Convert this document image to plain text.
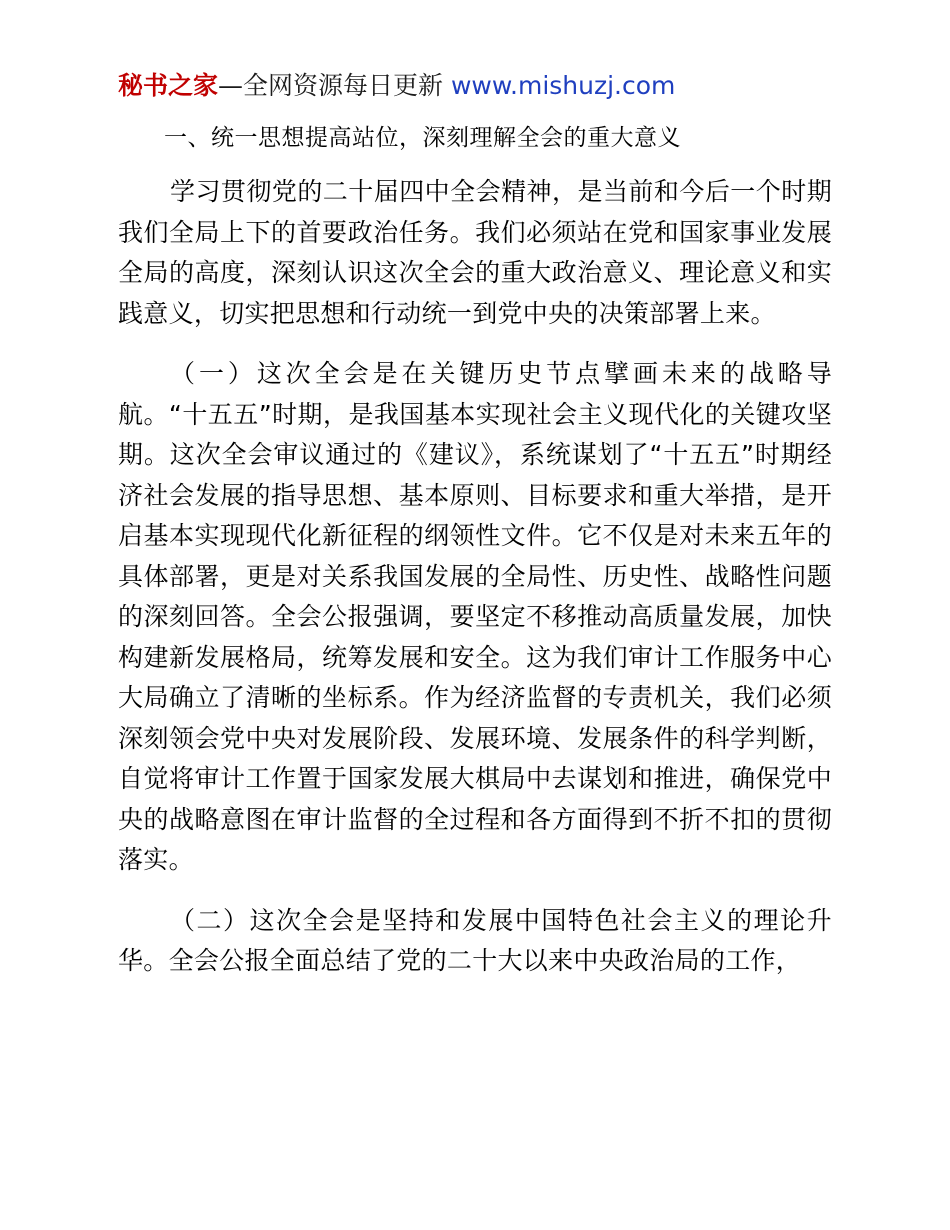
秘书之家—全网资源每日更新 www.mishuzj.com
一、统一思想提高站位，深刻理解全会的重大意义

学习贯彻党的二十届四中全会精神，是当前和今后一个时期我们全局上下的首要政治任务。我们必须站在党和国家事业发展全局的高度，深刻认识这次全会的重大政治意义、理论意义和实践意义，切实把思想和行动统一到党中央的决策部署上来。

（一）这次全会是在关键历史节点擘画未来的战略导航。“十五五”时期，是我国基本实现社会主义现代化的关键攻坚期。这次全会审议通过的《建议》，系统谋划了“十五五”时期经济社会发展的指导思想、基本原则、目标要求和重大举措，是开启基本实现现代化新征程的纲领性文件。它不仅是对未来五年的具体部署，更是对关系我国发展的全局性、历史性、战略性问题的深刻回答。全会公报强调，要坚定不移推动高质量发展，加快构建新发展格局，统筹发展和安全。这为我们审计工作服务中心大局确立了清晰的坐标系。作为经济监督的专责机关，我们必须深刻领会党中央对发展阶段、发展环境、发展条件的科学判断，自觉将审计工作置于国家发展大棋局中去谋划和推进，确保党中央的战略意图在审计监督的全过程和各方面得到不折不扣的贯彻落实。

（二）这次全会是坚持和发展中国特色社会主义的理论升华。全会公报全面总结了党的二十大以来中央政治局的工作，
